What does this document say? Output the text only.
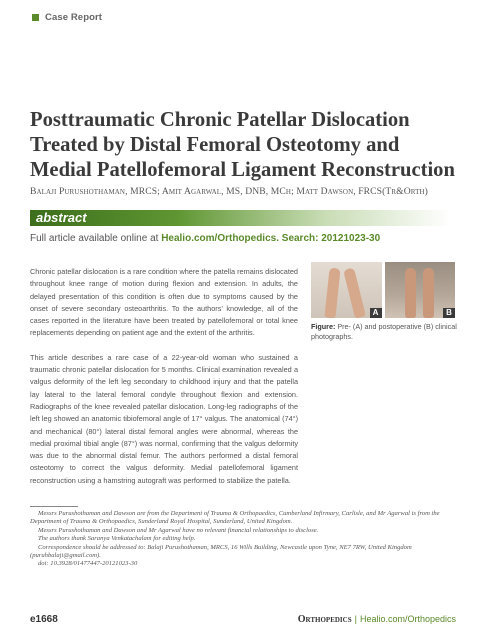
Case Report
Posttraumatic Chronic Patellar Dislocation
Treated by Distal Femoral Osteotomy and
Medial Patellofemoral Ligament Reconstruction
Balaji Purushothaman, MRCS; Amit Agarwal, MS, DNB, MCh; Matt Dawson, FRCS(Tr&Orth)
abstract
Full article available online at Healio.com/Orthopedics. Search: 20121023-30

Chronic patellar dislocation is a rare condition where the patella remains dislocated throughout knee range of motion during flexion and extension. In adults, the delayed presentation of this condition is often due to symptoms caused by the onset of severe secondary osteoarthritis. To the authors’ knowledge, all of the cases reported in the literature have been treated by patellofemoral or total knee replacements depending on patient age and the extent of the arthritis.

This article describes a rare case of a 22-year-old woman who sustained a traumatic chronic patellar dislocation for 5 months. Clinical examination revealed a valgus deformity of the left leg secondary to childhood injury and that the patella lay lateral to the lateral femoral condyle throughout flexion and extension. Radiographs of the knee revealed patellar dislocation. Long-leg radiographs of the left leg showed an anatomic tibiofemoral angle of 17° valgus. The anatomical (74°) and mechanical (80°) lateral distal femoral angles were abnormal, whereas the medial proximal tibial angle (87°) was normal, confirming that the valgus deformity was due to the abnormal distal femur. The authors performed a distal femoral osteotomy to correct the valgus deformity. Medial patellofemoral ligament reconstruction using a hamstring autograft was performed to stabilize the patella.

A	B
Figure: Pre- (A) and postoperative (B) clinical photographs.
Messrs Purushothaman and Dawson are from the Department of Trauma & Orthopaedics, Cumberland Infirmary, Carlisle, and Mr Agarwal is from the Department of Trauma & Orthopaedics, Sunderland Royal Hospital, Sunderland, United Kingdom.
Messrs Purushothaman and Dawson and Mr Agarwal have no relevant financial relationships to disclose.
The authors thank Saranya Venkatachalam for editing help.
Correspondence should be addressed to: Balaji Purushothaman, MRCS, 16 Wills Building, Newcastle upon Tyne, NE7 7RW, United Kingdom (puruhbalaji@gmail.com).
doi: 10.3928/01477447-20121023-30
e1668	Orthopedics | Healio.com/Orthopedics
